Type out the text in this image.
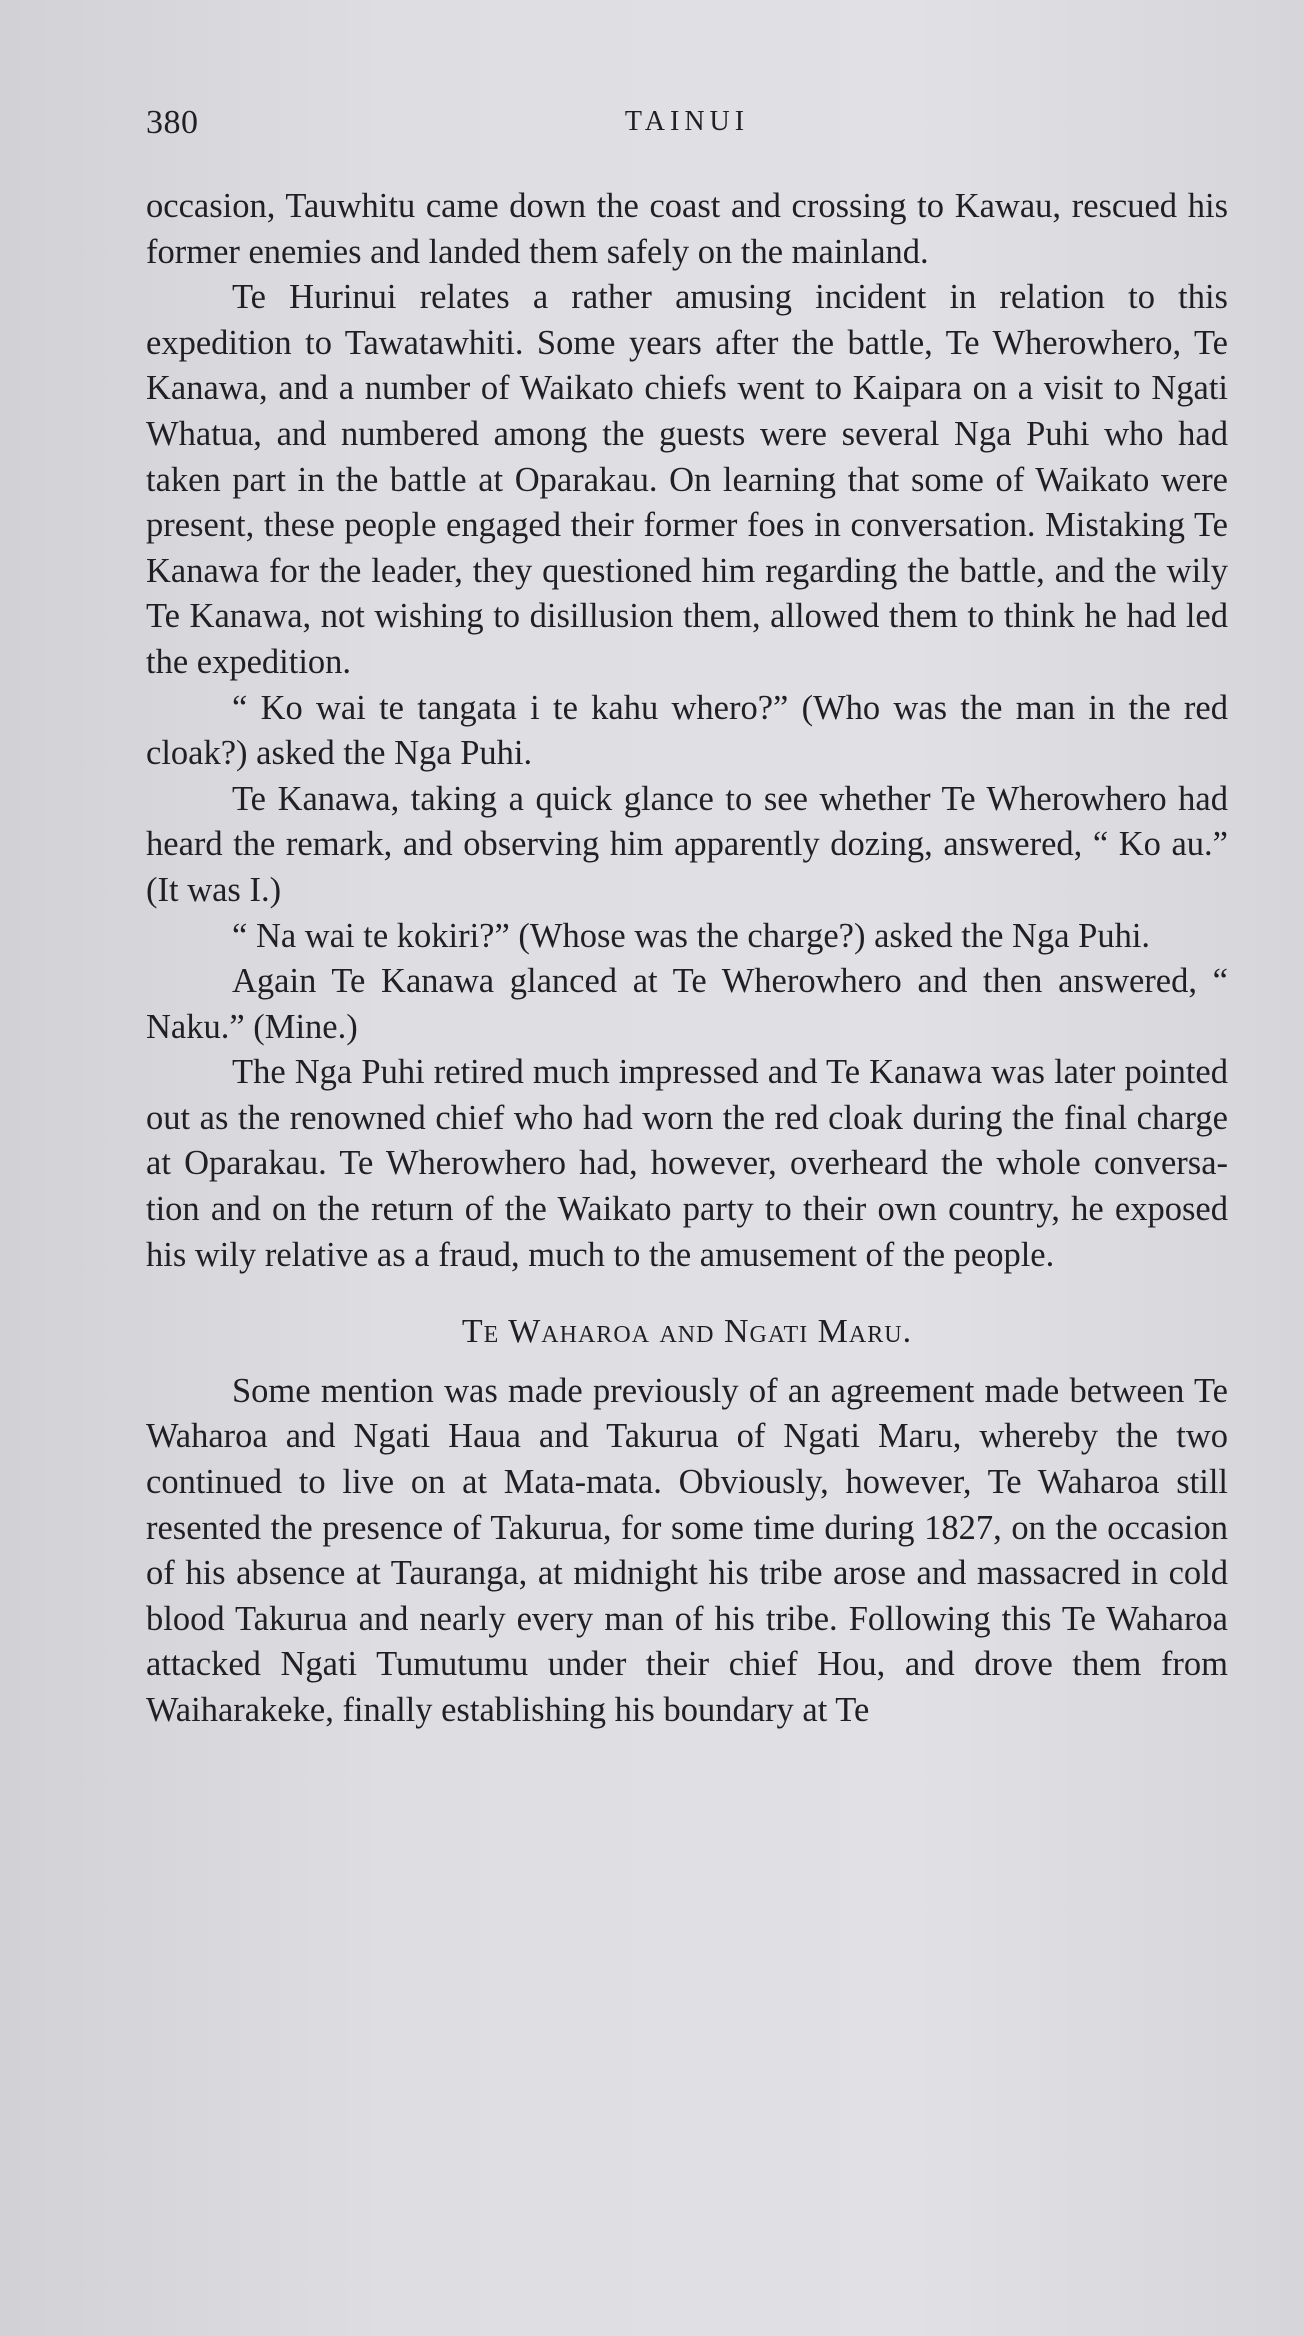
380	TAINUI

occasion, Tauwhitu came down the coast and crossing to Kawau, rescued his former enemies and landed them safely on the mainland.

Te Hurinui relates a rather amusing incident in relation to this expedition to Tawatawhiti. Some years after the battle, Te Wherowhero, Te Kanawa, and a number of Waikato chiefs went to Kaipara on a visit to Ngati Whatua, and numbered among the guests were several Nga Puhi who had taken part in the battle at Oparakau. On learning that some of Waikato were present, these people engaged their former foes in conversation. Mistaking Te Kanawa for the leader, they questioned him regarding the battle, and the wily Te Kanawa, not wishing to disillusion them, allowed them to think he had led the expedition.

“ Ko wai te tangata i te kahu whero?” (Who was the man in the red cloak?) asked the Nga Puhi.

Te Kanawa, taking a quick glance to see whether Te Wherowhero had heard the remark, and observing him apparently dozing, answered, “ Ko au.” (It was I.)

“ Na wai te kokiri?” (Whose was the charge?) asked the Nga Puhi.

Again Te Kanawa glanced at Te Wherowhero and then answered, “ Naku.” (Mine.)

The Nga Puhi retired much impressed and Te Kanawa was later pointed out as the renowned chief who had worn the red cloak during the final charge at Oparakau. Te Wherowhero had, however, overheard the whole conversa-tion and on the return of the Waikato party to their own country, he exposed his wily relative as a fraud, much to the amusement of the people.

Te Waharoa and Ngati Maru.

Some mention was made previously of an agreement made between Te Waharoa and Ngati Haua and Takurua of Ngati Maru, whereby the two continued to live on at Mata-mata. Obviously, however, Te Waharoa still resented the presence of Takurua, for some time during 1827, on the occasion of his absence at Tauranga, at midnight his tribe arose and massacred in cold blood Takurua and nearly every man of his tribe. Following this Te Waharoa attacked Ngati Tumutumu under their chief Hou, and drove them from Waiharakeke, finally establishing his boundary at Te
